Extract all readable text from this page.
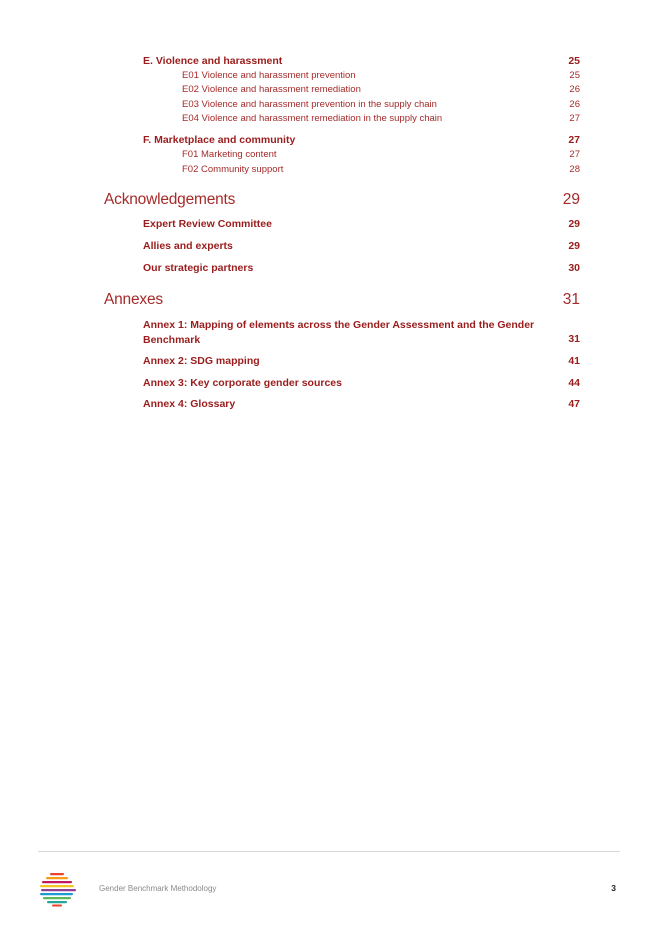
E. Violence and harassment	25
E01 Violence and harassment prevention	25
E02 Violence and harassment remediation	26
E03 Violence and harassment prevention in the supply chain	26
E04 Violence and harassment remediation in the supply chain	27
F. Marketplace and community	27
F01 Marketing content	27
F02 Community support	28
Acknowledgements	29
Expert Review Committee	29
Allies and experts	29
Our strategic partners	30
Annexes	31
Annex 1: Mapping of elements across the Gender Assessment and the Gender Benchmark	31
Annex 2: SDG mapping	41
Annex 3: Key corporate gender sources	44
Annex 4: Glossary	47
Gender Benchmark Methodology	3
